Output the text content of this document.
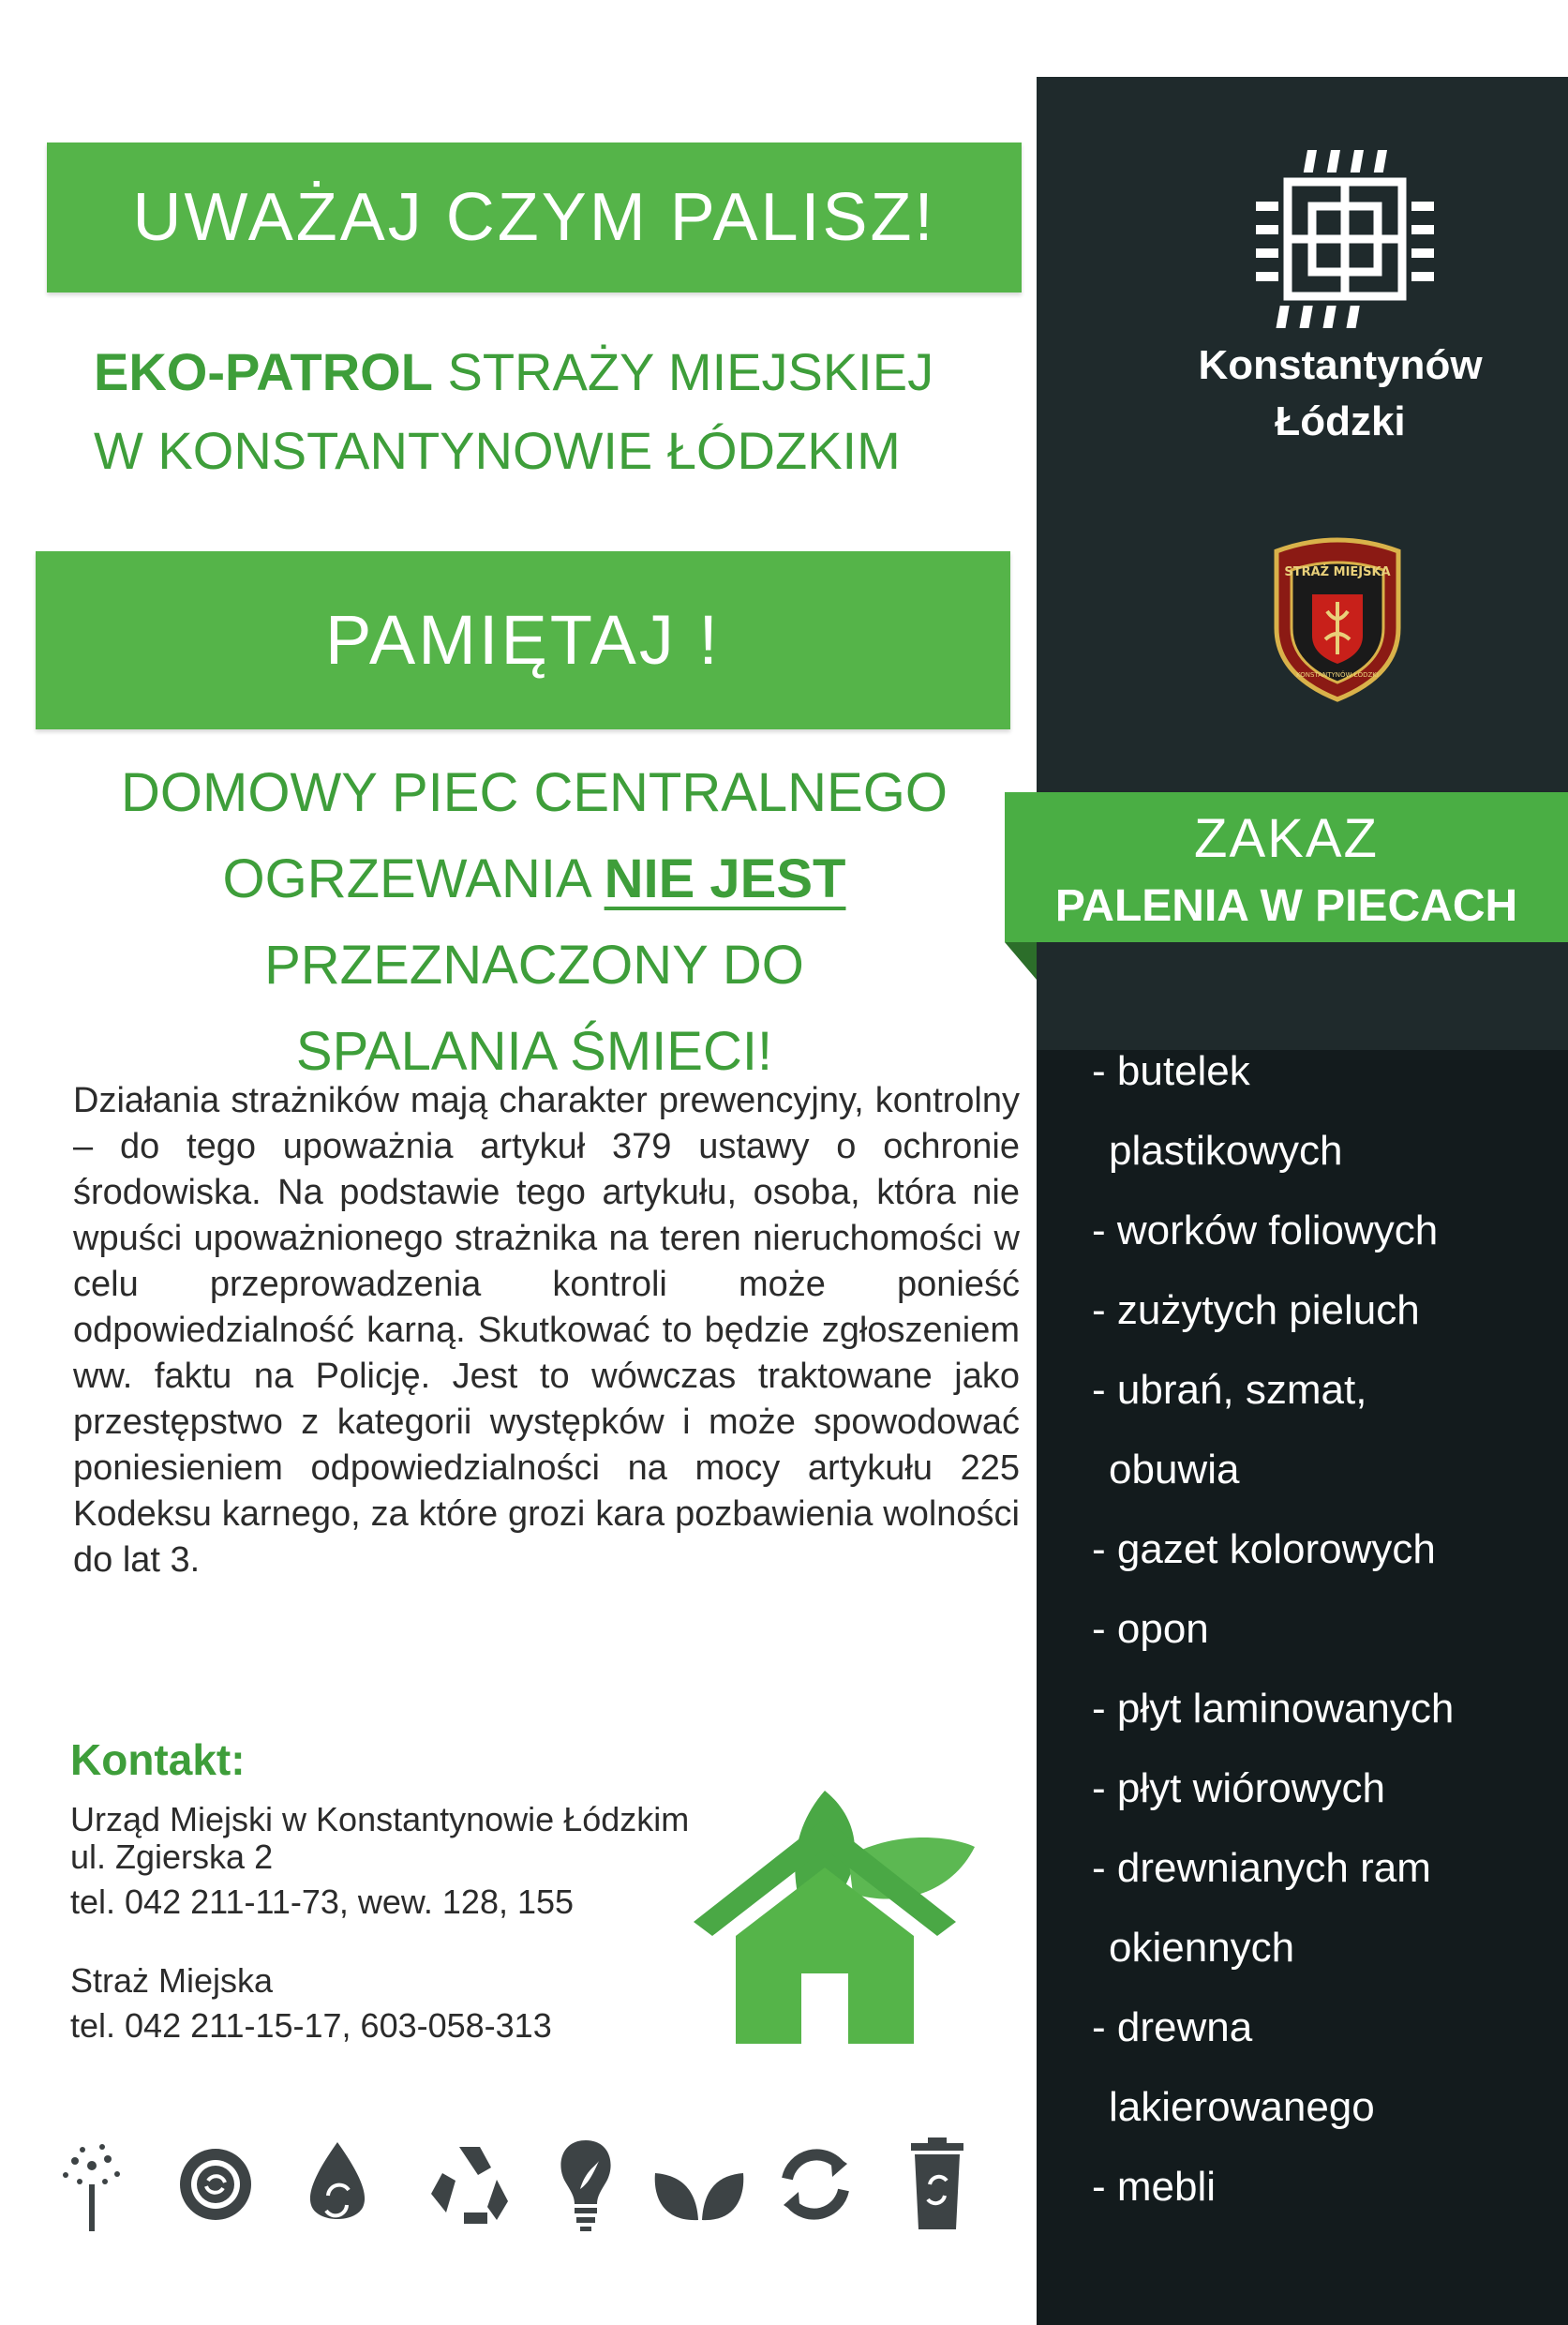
Konstantynów
Łódzki
STRAŻ MIEJSKA
KONSTANTYNÓW ŁÓDZKI
ZAKAZ
PALENIA W PIECACH
- butelek
plastikowych
- worków foliowych
- zużytych pieluch
- ubrań, szmat,
obuwia
- gazet kolorowych
- opon
- płyt laminowanych
- płyt wiórowych
- drewnianych ram
okiennych
- drewna
lakierowanego
- mebli
UWAŻAJ CZYM PALISZ!
EKO-PATROL STRAŻY MIEJSKIEJ
W KONSTANTYNOWIE ŁÓDZKIM
PAMIĘTAJ !
DOMOWY PIEC CENTRALNEGO
OGRZEWANIA NIE JEST
PRZEZNACZONY DO
SPALANIA ŚMIECI!

Działania strażników mają charakter prewencyjny, kontrolny – do tego upoważnia artykuł 379 ustawy o ochronie środowiska. Na podstawie tego artykułu, osoba, która nie wpuści upoważnionego strażnika na teren nieruchomości w celu przeprowadzenia kontroli może ponieść odpowiedzialność karną. Skutkować to będzie zgłoszeniem ww. faktu na Policję. Jest to wówczas traktowane jako przestępstwo z kategorii występków i może spowodować poniesieniem odpowiedzialności na mocy artykułu 225 Kodeksu karnego, za które grozi kara pozbawienia wolności do lat 3.

Kontakt:
Urząd Miejski w Konstantynowie Łódzkim
ul. Zgierska 2
tel. 042 211-11-73, wew. 128, 155
Straż Miejska
tel. 042 211-15-17, 603-058-313
